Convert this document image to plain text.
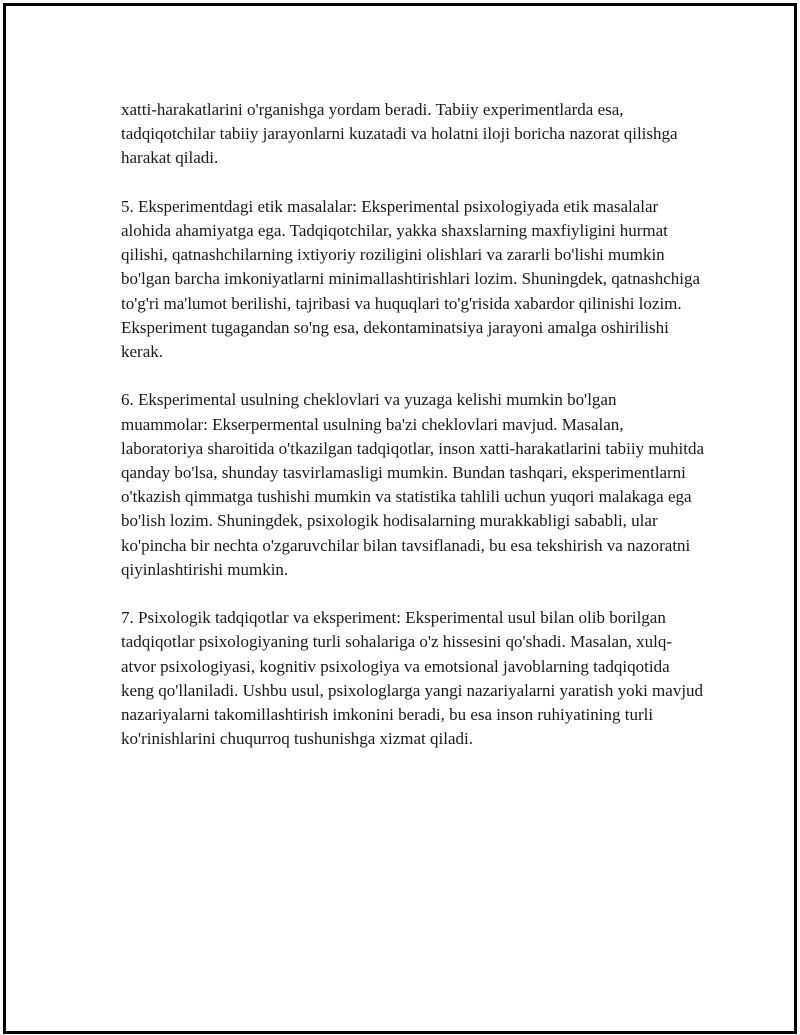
xatti-harakatlarini o'rganishga yordam beradi. Tabiiy experimentlarda esa, tadqiqotchilar tabiiy jarayonlarni kuzatadi va holatni iloji boricha nazorat qilishga harakat qiladi.

5. Eksperimentdagi etik masalalar: Eksperimental psixologiyada etik masalalar alohida ahamiyatga ega. Tadqiqotchilar, yakka shaxslarning maxfiyligini hurmat qilishi, qatnashchilarning ixtiyoriy roziligini olishlari va zararli bo'lishi mumkin bo'lgan barcha imkoniyatlarni minimallashtirishlari lozim. Shuningdek, qatnashchiga to'g'ri ma'lumot berilishi, tajribasi va huquqlari to'g'risida xabardor qilinishi lozim. Eksperiment tugagandan so'ng esa, dekontaminatsiya jarayoni amalga oshirilishi kerak.

6. Eksperimental usulning cheklovlari va yuzaga kelishi mumkin bo'lgan muammolar: Ekserpermental usulning ba'zi cheklovlari mavjud. Masalan, laboratoriya sharoitida o'tkazilgan tadqiqotlar, inson xatti-harakatlarini tabiiy muhitda qanday bo'lsa, shunday tasvirlamasligi mumkin. Bundan tashqari, eksperimentlarni o'tkazish qimmatga tushishi mumkin va statistika tahlili uchun yuqori malakaga ega bo'lish lozim. Shuningdek, psixologik hodisalarning murakkabligi sababli, ular ko'pincha bir nechta o'zgaruvchilar bilan tavsiflanadi, bu esa tekshirish va nazoratni qiyinlashtirishi mumkin.

7. Psixologik tadqiqotlar va eksperiment: Eksperimental usul bilan olib borilgan tadqiqotlar psixologiyaning turli sohalariga o'z hissesini qo'shadi. Masalan, xulq-atvor psixologiyasi, kognitiv psixologiya va emotsional javoblarning tadqiqotida keng qo'llaniladi. Ushbu usul, psixologlarga yangi nazariyalarni yaratish yoki mavjud nazariyalarni takomillashtirish imkonini beradi, bu esa inson ruhiyatining turli ko'rinishlarini chuqurroq tushunishga xizmat qiladi.
